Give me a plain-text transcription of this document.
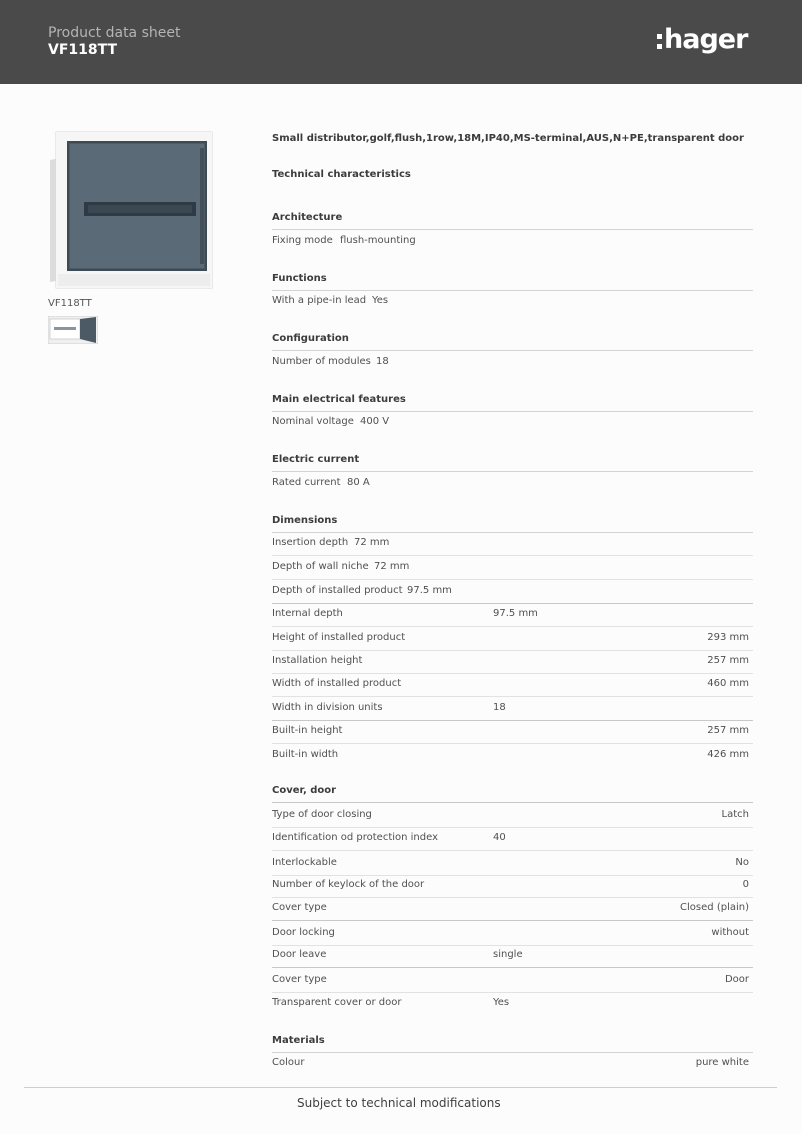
Product data sheet
VF118TT	hager
VF118TT
Small distributor,golf,flush,1row,18M,IP40,MS-terminal,AUS,N+PE,transparent door
Technical characteristics
Architecture
Fixing mode flush-mounting
Functions
With a pipe-in lead Yes
Configuration
Number of modules 18
Main electrical features
Nominal voltage 400 V
Electric current
Rated current 80 A
Dimensions
Insertion depth 72 mm
Depth of wall niche 72 mm
Depth of installed product 97.5 mm
Internal depth	97.5 mm
Height of installed product	293 mm
Installation height	257 mm
Width of installed product	460 mm
Width in division units	18
Built-in height	257 mm
Built-in width	426 mm
Cover, door
Type of door closing	Latch
Identification od protection index	40
Interlockable	No
Number of keylock of the door	0
Cover type	Closed (plain)
Door locking	without
Door leave	single
Cover type	Door
Transparent cover or door	Yes
Materials
Colour	pure white
Subject to technical modifications
